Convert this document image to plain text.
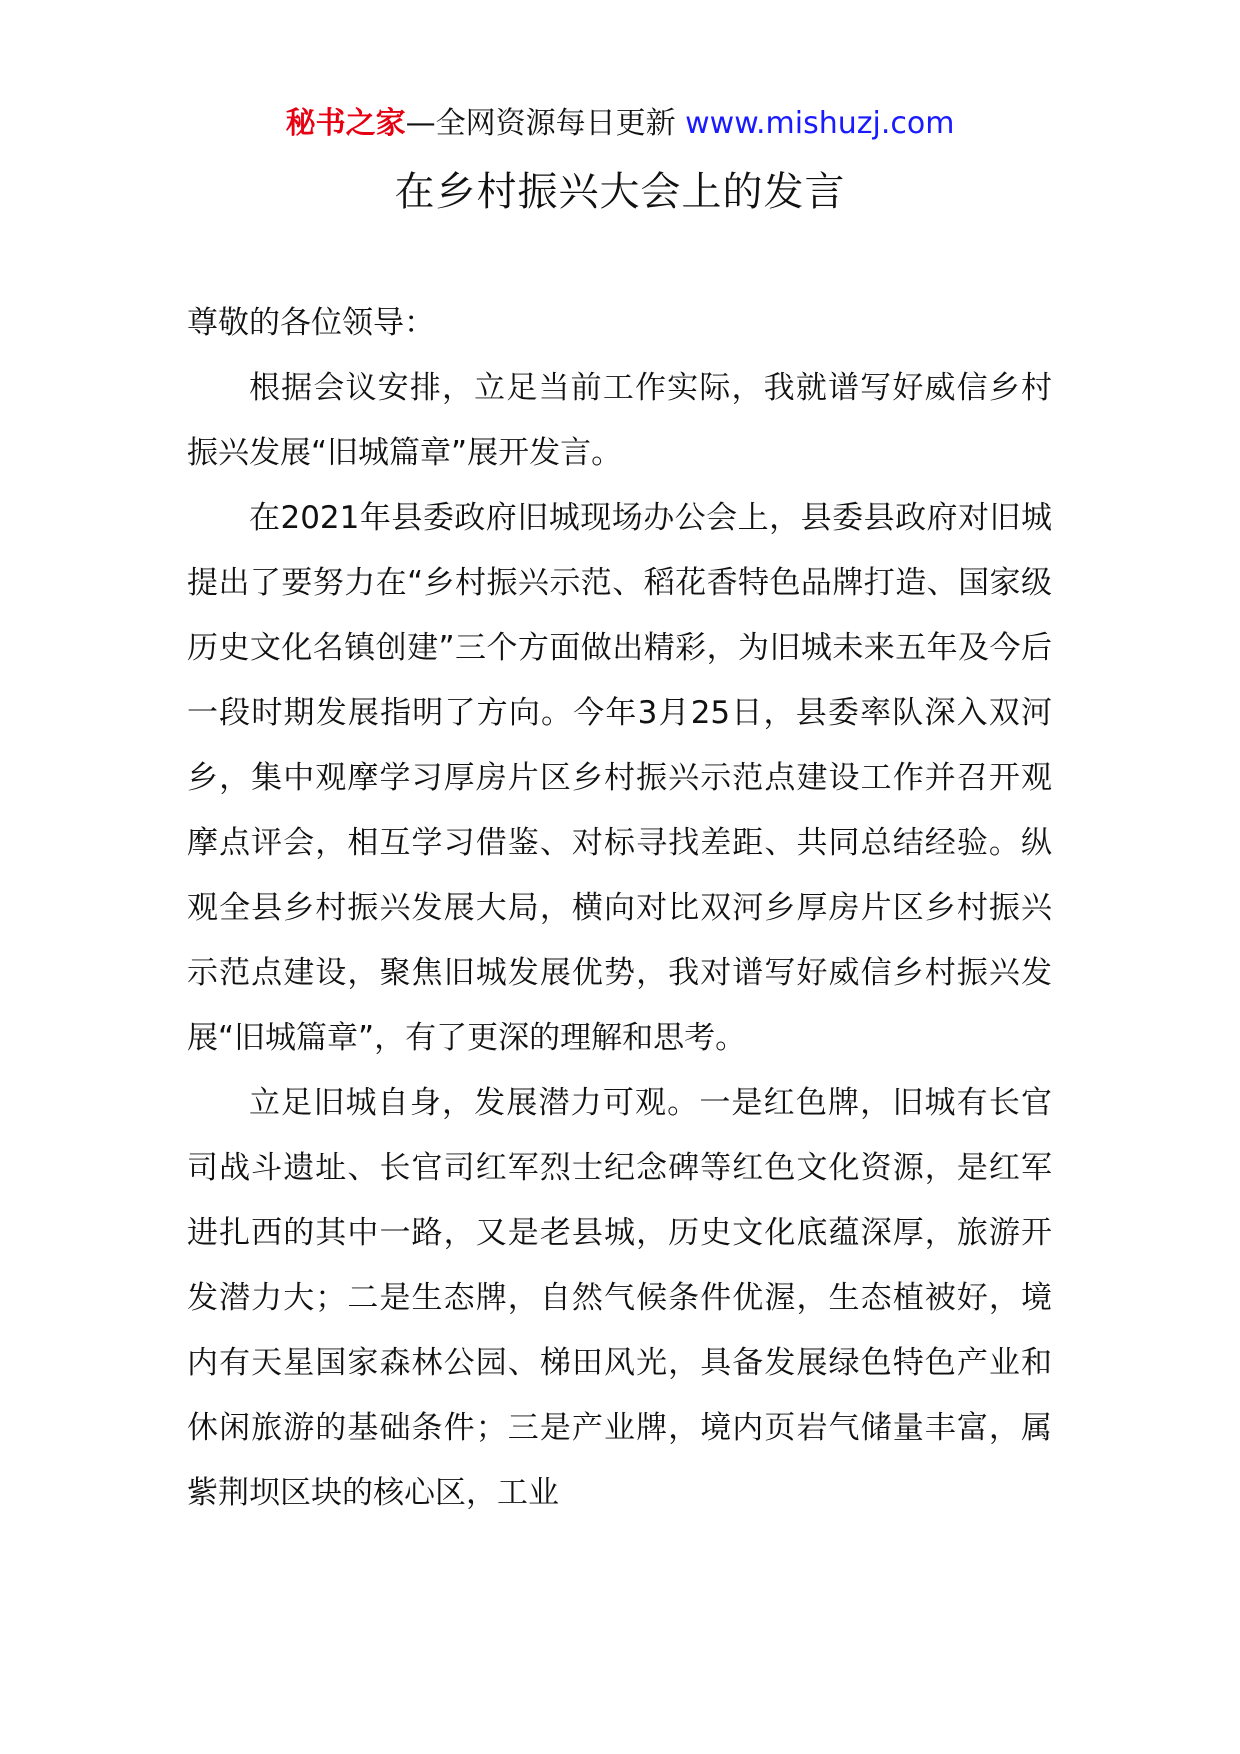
秘书之家—全网资源每日更新 www.mishuzj.com
在乡村振兴大会上的发言

尊敬的各位领导：

根据会议安排，立足当前工作实际，我就谱写好威信乡村振兴发展“旧城篇章”展开发言。

在2021年县委政府旧城现场办公会上，县委县政府对旧城提出了要努力在“乡村振兴示范、稻花香特色品牌打造、国家级历史文化名镇创建”三个方面做出精彩，为旧城未来五年及今后一段时期发展指明了方向。今年3月25日，县委率队深入双河乡，集中观摩学习厚房片区乡村振兴示范点建设工作并召开观摩点评会，相互学习借鉴、对标寻找差距、共同总结经验。纵观全县乡村振兴发展大局，横向对比双河乡厚房片区乡村振兴示范点建设，聚焦旧城发展优势，我对谱写好威信乡村振兴发展“旧城篇章”，有了更深的理解和思考。

立足旧城自身，发展潜力可观。一是红色牌，旧城有长官司战斗遗址、长官司红军烈士纪念碑等红色文化资源，是红军进扎西的其中一路，又是老县城，历史文化底蕴深厚，旅游开发潜力大；二是生态牌，自然气候条件优渥，生态植被好，境内有天星国家森林公园、梯田风光，具备发展绿色特色产业和休闲旅游的基础条件；三是产业牌，境内页岩气储量丰富，属紫荆坝区块的核心区，工业
